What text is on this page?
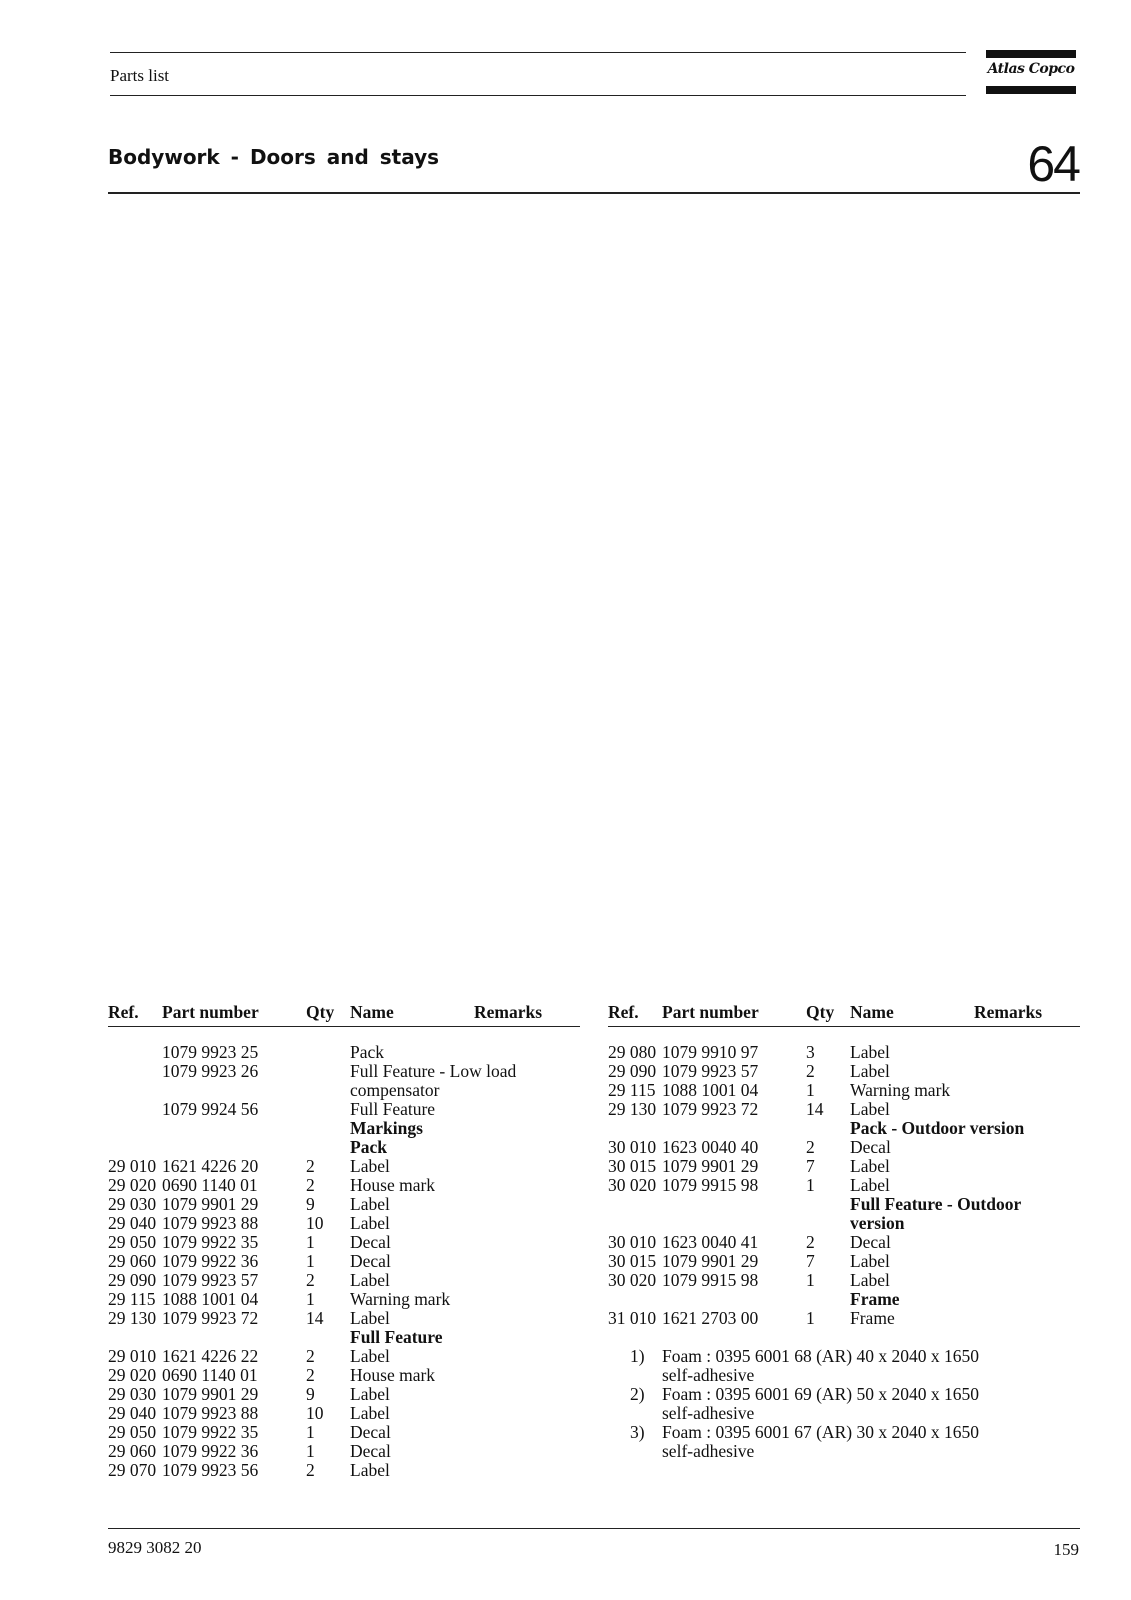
Parts list	Atlas Copco
Bodywork - Doors and stays	64
Ref. Part number	Qty Name	Remarks
1079 9923 25	Pack
1079 9923 26	Full Feature - Low load
compensator
1079 9924 56	Full Feature
Markings
Pack
29 010 1621 4226 20	2 Label
29 020 0690 1140 01	2 House mark
29 030 1079 9901 29	9 Label
29 040 1079 9923 88	10 Label
29 050 1079 9922 35	1 Decal
29 060 1079 9922 36	1 Decal
29 090 1079 9923 57	2 Label
29 115 1088 1001 04	1 Warning mark
29 130 1079 9923 72	14 Label
Full Feature
29 010 1621 4226 22	2 Label
29 020 0690 1140 01	2 House mark
29 030 1079 9901 29	9 Label
29 040 1079 9923 88	10 Label
29 050 1079 9922 35	1 Decal
29 060 1079 9922 36	1 Decal
29 070 1079 9923 56	2 Label
Ref. Part number	Qty Name	Remarks
29 080 1079 9910 97	3 Label
29 090 1079 9923 57	2 Label
29 115 1088 1001 04	1 Warning mark
29 130 1079 9923 72	14 Label
Pack - Outdoor version
30 010 1623 0040 40	2 Decal
30 015 1079 9901 29	7 Label
30 020 1079 9915 98	1 Label
Full Feature - Outdoor
version
30 010 1623 0040 41	2 Decal
30 015 1079 9901 29	7 Label
30 020 1079 9915 98	1 Label
Frame
31 010 1621 2703 00	1 Frame
1) Foam : 0395 6001 68 (AR) 40 x 2040 x 1650
self-adhesive
2) Foam : 0395 6001 69 (AR) 50 x 2040 x 1650
self-adhesive
3) Foam : 0395 6001 67 (AR) 30 x 2040 x 1650
self-adhesive
9829 3082 20	159
